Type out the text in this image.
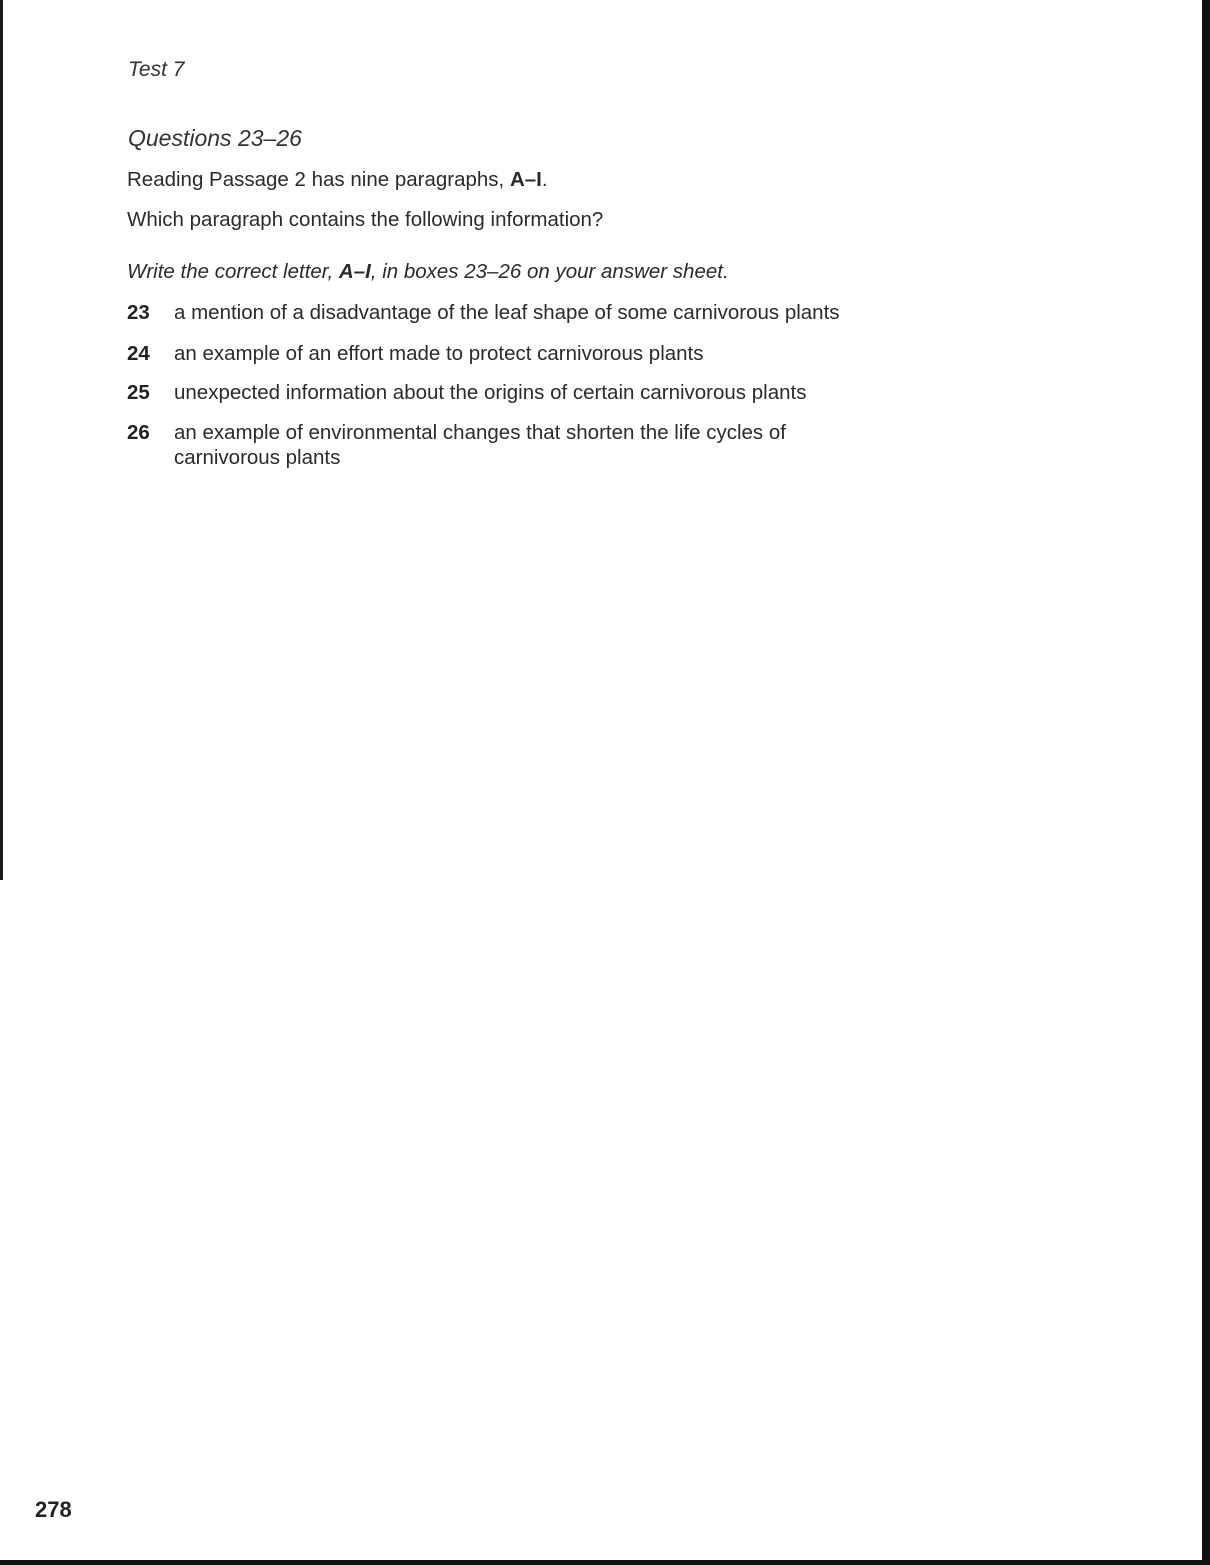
Test 7
Questions 23–26
Reading Passage 2 has nine paragraphs, A–I.
Which paragraph contains the following information?
Write the correct letter, A–I, in boxes 23–26 on your answer sheet.
23 a mention of a disadvantage of the leaf shape of some carnivorous plants
24 an example of an effort made to protect carnivorous plants
25 unexpected information about the origins of certain carnivorous plants
26 an example of environmental changes that shorten the life cycles of carnivorous plants
278
